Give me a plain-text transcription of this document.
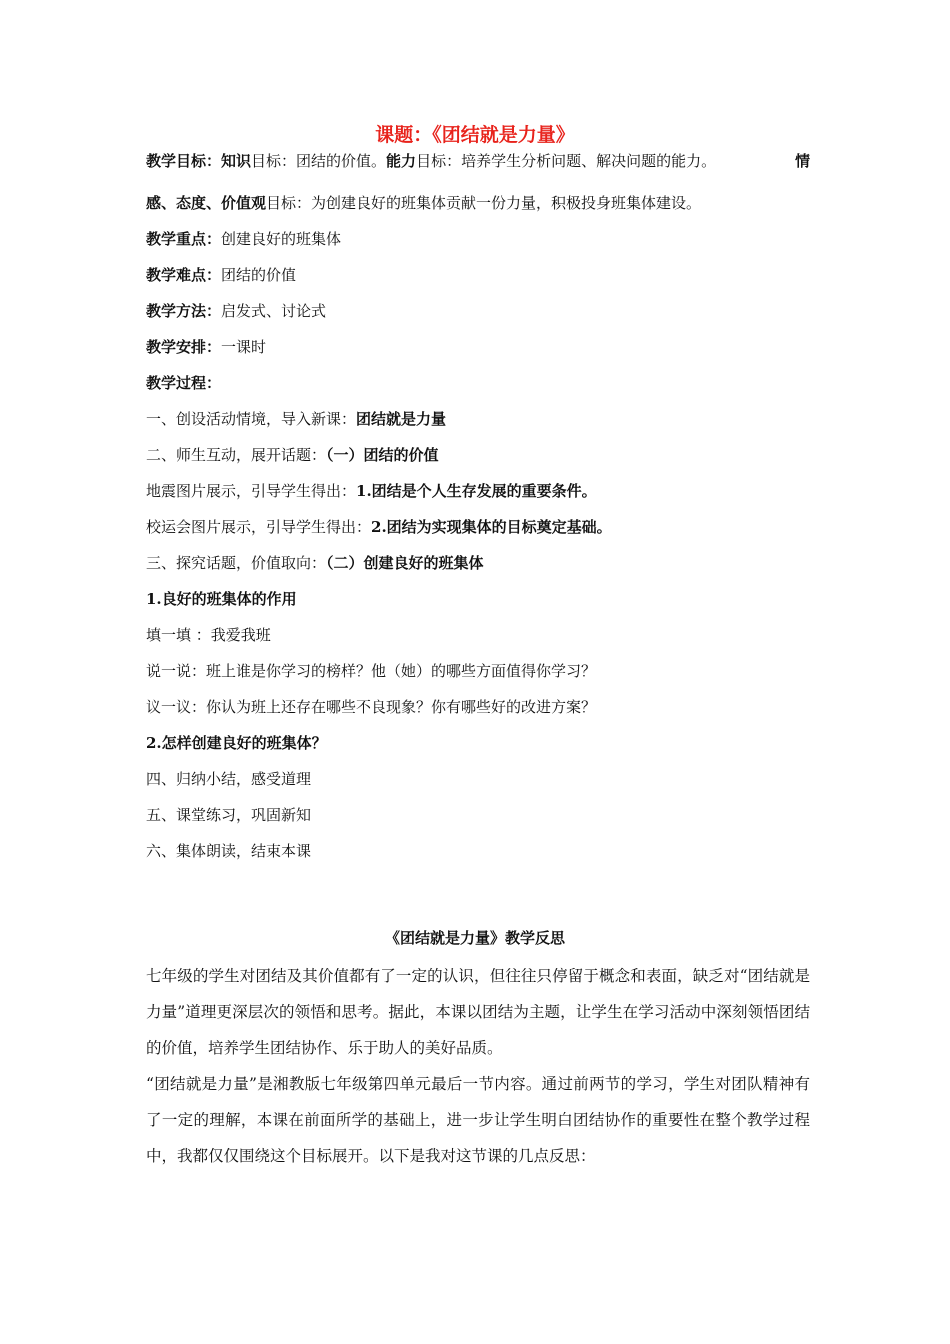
课题：《团结就是力量》
教学目标：知识目标：团结的价值。能力目标：培养学生分析问题、解决问题的能力。	情
感、态度、价值观目标：为创建良好的班集体贡献一份力量，积极投身班集体建设。
教学重点：创建良好的班集体
教学难点：团结的价值
教学方法：启发式、讨论式
教学安排：一课时
教学过程：
一、创设活动情境，导入新课：团结就是力量
二、师生互动，展开话题：（一）团结的价值
地震图片展示，引导学生得出：1.团结是个人生存发展的重要条件。
校运会图片展示，引导学生得出：2.团结为实现集体的目标奠定基础。
三、探究话题，价值取向：（二）创建良好的班集体
1.良好的班集体的作用
填一填 ：我爱我班
说一说：班上谁是你学习的榜样？他（她）的哪些方面值得你学习？
议一议：你认为班上还存在哪些不良现象？你有哪些好的改进方案？
2.怎样创建良好的班集体？
四、归纳小结，感受道理
五、课堂练习，巩固新知
六、集体朗读，结束本课
《团结就是力量》教学反思
七年级的学生对团结及其价值都有了一定的认识，但往往只停留于概念和表面，缺乏对“团结就是力量”道理更深层次的领悟和思考。据此，本课以团结为主题，让学生在学习活动中深刻领悟团结的价值，培养学生团结协作、乐于助人的美好品质。
“团结就是力量”是湘教版七年级第四单元最后一节内容。通过前两节的学习，学生对团队精神有了一定的理解，本课在前面所学的基础上，进一步让学生明白团结协作的重要性在整个教学过程中，我都仅仅围绕这个目标展开。以下是我对这节课的几点反思：
